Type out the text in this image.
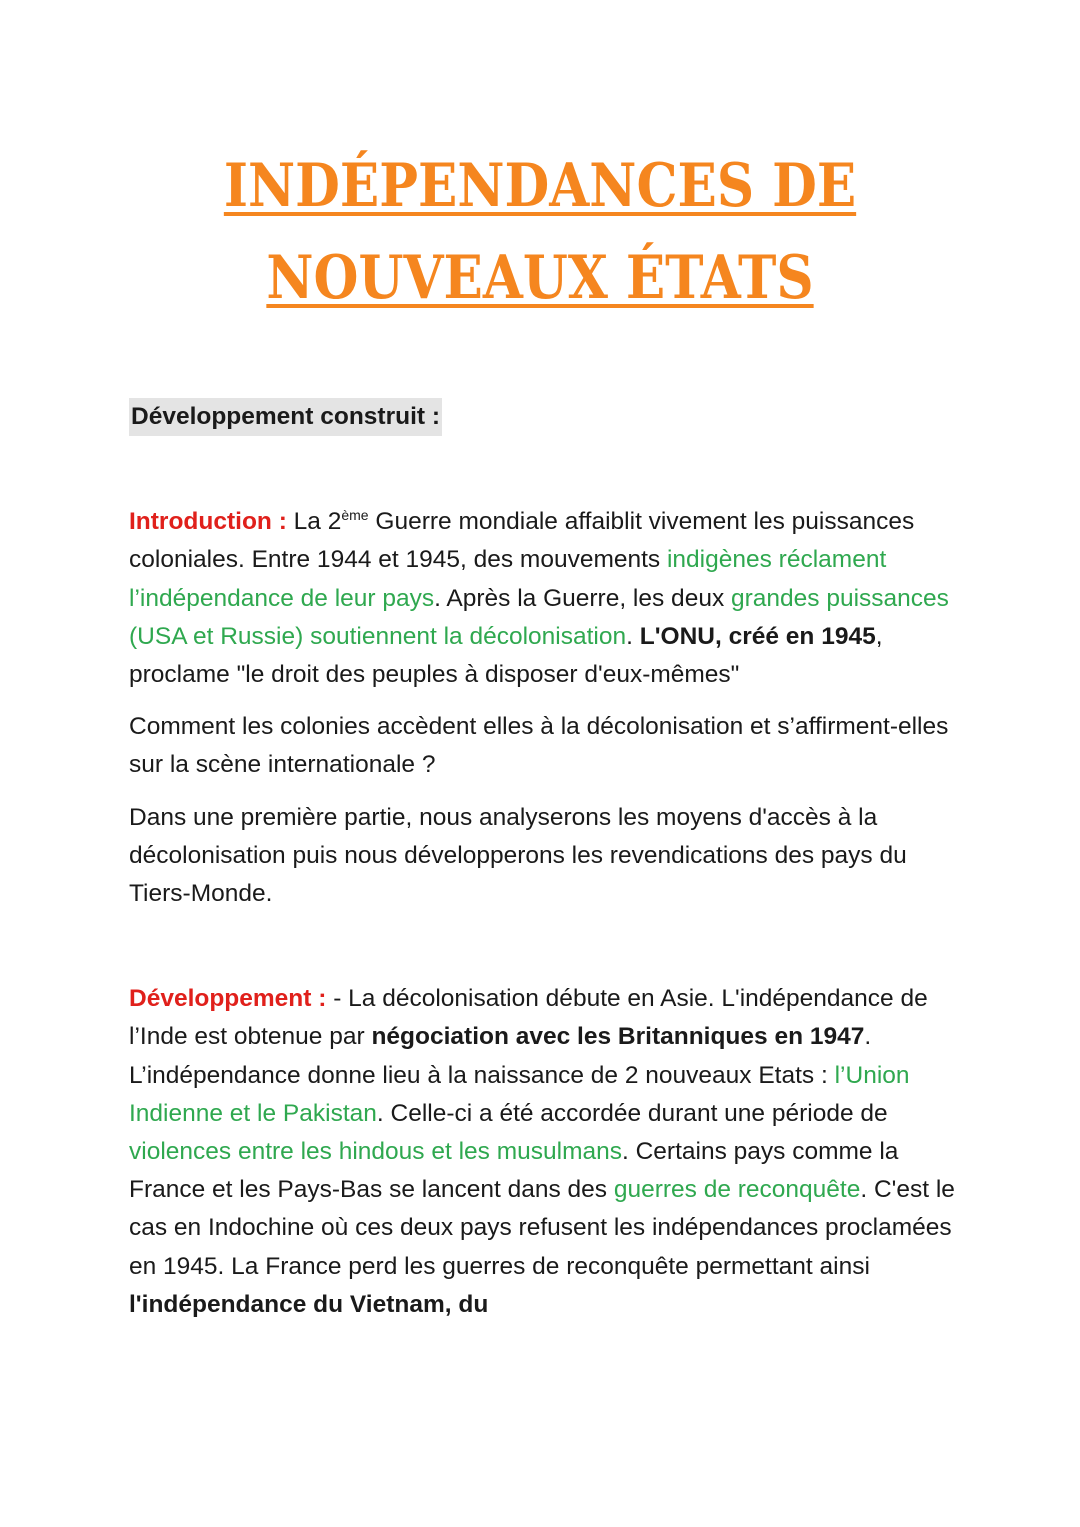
INDÉPENDANCES DE
NOUVEAUX ÉTATS
Développement construit :

Introduction : La 2ème Guerre mondiale affaiblit vivement les puissances coloniales. Entre 1944 et 1945, des mouvements indigènes réclament l’indépendance de leur pays. Après la Guerre, les deux grandes puissances (USA et Russie) soutiennent la décolonisation. L'ONU, créé en 1945, proclame "le droit des peuples à disposer d'eux-mêmes"

Comment les colonies accèdent elles à la décolonisation et s’affirment-elles sur la scène internationale ?

Dans une première partie, nous analyserons les moyens d'accès à la décolonisation puis nous développerons les revendications des pays du Tiers-Monde.

Développement : - La décolonisation débute en Asie. L'indépendance de l’Inde est obtenue par négociation avec les Britanniques en 1947. L’indépendance donne lieu à la naissance de 2 nouveaux Etats : l’Union Indienne et le Pakistan. Celle-ci a été accordée durant une période de violences entre les hindous et les musulmans. Certains pays comme la France et les Pays-Bas se lancent dans des guerres de reconquête. C'est le cas en Indochine où ces deux pays refusent les indépendances proclamées en 1945. La France perd les guerres de reconquête permettant ainsi l'indépendance du Vietnam, du
